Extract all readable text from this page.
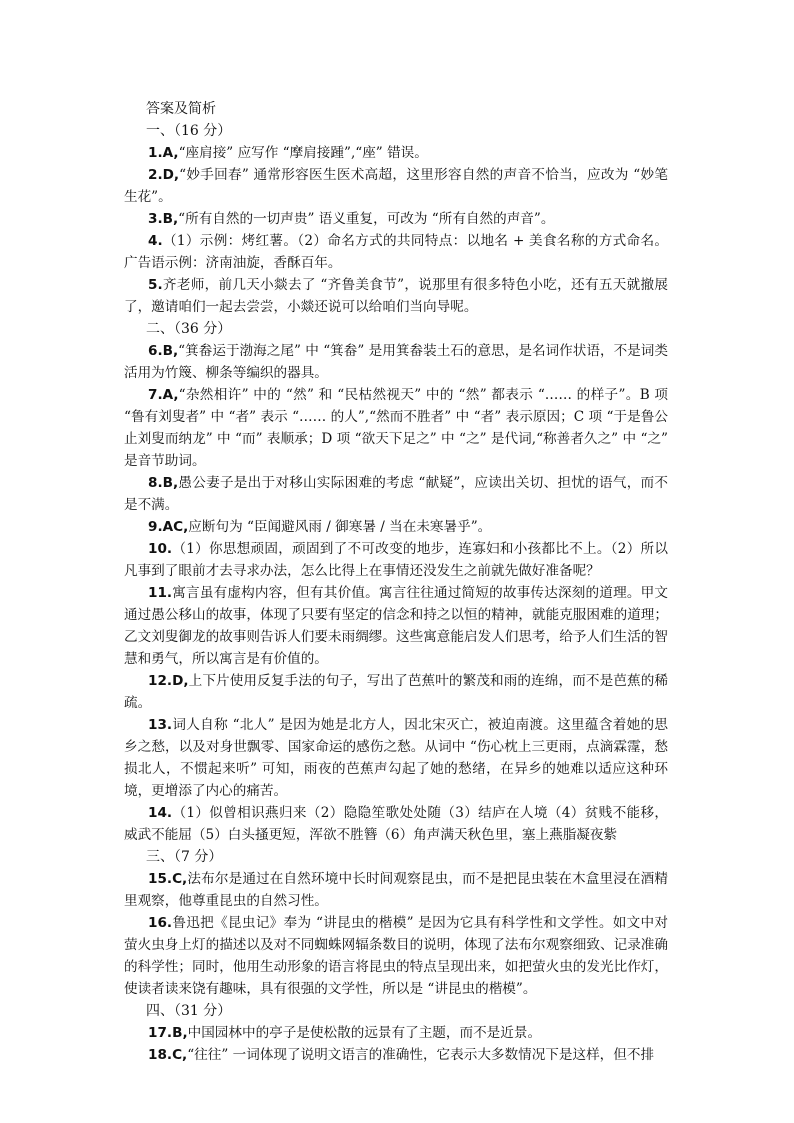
答案及简析
一、（16 分）

1.A,“座肩接” 应写作 “摩肩接踵”,“座” 错误。

2.D,“妙手回春” 通常形容医生医术高超，这里形容自然的声音不恰当，应改为 “妙笔生花”。

3.B,“所有自然的一切声贵” 语义重复，可改为 “所有自然的声音”。

4.（1）示例：烤红薯。（2）命名方式的共同特点：以地名 + 美食名称的方式命名。广告语示例：济南油旋，香酥百年。

5.齐老师，前几天小燚去了 “齐鲁美食节”，说那里有很多特色小吃，还有五天就撤展了，邀请咱们一起去尝尝，小燚还说可以给咱们当向导呢。

二、（36 分）

6.B,“箕畚运于渤海之尾” 中 “箕畚” 是用箕畚装土石的意思，是名词作状语，不是词类活用为竹篾、柳条等编织的器具。

7.A,“杂然相许” 中的 “然” 和 “民枯然视天” 中的 “然” 都表示 “…… 的样子”。B 项 “鲁有刘叟者” 中 “者” 表示 “…… 的人”,“然而不胜者” 中 “者” 表示原因；C 项 “于是鲁公止刘叟而纳龙” 中 “而” 表顺承；D 项 “欲天下足之” 中 “之” 是代词,“称善者久之” 中 “之” 是音节助词。

8.B,愚公妻子是出于对移山实际困难的考虑 “献疑”，应读出关切、担忧的语气，而不是不满。

9.AC,应断句为 “臣闻避风雨 / 御寒暑 / 当在未寒暑乎”。

10.（1）你思想顽固，顽固到了不可改变的地步，连寡妇和小孩都比不上。（2）所以凡事到了眼前才去寻求办法，怎么比得上在事情还没发生之前就先做好准备呢？

11.寓言虽有虚构内容，但有其价值。寓言往往通过简短的故事传达深刻的道理。甲文通过愚公移山的故事，体现了只要有坚定的信念和持之以恒的精神，就能克服困难的道理；乙文刘叟御龙的故事则告诉人们要未雨绸缪。这些寓意能启发人们思考，给予人们生活的智慧和勇气，所以寓言是有价值的。

12.D,上下片使用反复手法的句子，写出了芭蕉叶的繁茂和雨的连绵，而不是芭蕉的稀疏。

13.词人自称 “北人” 是因为她是北方人，因北宋灭亡，被迫南渡。这里蕴含着她的思乡之愁，以及对身世飘零、国家命运的感伤之愁。从词中 “伤心枕上三更雨，点滴霖霪，愁损北人，不惯起来听” 可知，雨夜的芭蕉声勾起了她的愁绪，在异乡的她难以适应这种环境，更增添了内心的痛苦。

14.（1）似曾相识燕归来（2）隐隐笙歌处处随（3）结庐在人境（4）贫贱不能移，威武不能屈（5）白头搔更短，浑欲不胜簪（6）角声满天秋色里，塞上燕脂凝夜紫

三、（7 分）

15.C,法布尔是通过在自然环境中长时间观察昆虫，而不是把昆虫装在木盒里浸在酒精里观察，他尊重昆虫的自然习性。

16.鲁迅把《昆虫记》奉为 “讲昆虫的楷模” 是因为它具有科学性和文学性。如文中对萤火虫身上灯的描述以及对不同蜘蛛网辐条数目的说明，体现了法布尔观察细致、记录准确的科学性；同时，他用生动形象的语言将昆虫的特点呈现出来，如把萤火虫的发光比作灯，使读者读来饶有趣味，具有很强的文学性，所以是 “讲昆虫的楷模”。

四、（31 分）

17.B,中国园林中的亭子是使松散的远景有了主题，而不是近景。

18.C,“往往” 一词体现了说明文语言的准确性，它表示大多数情况下是这样，但不排
